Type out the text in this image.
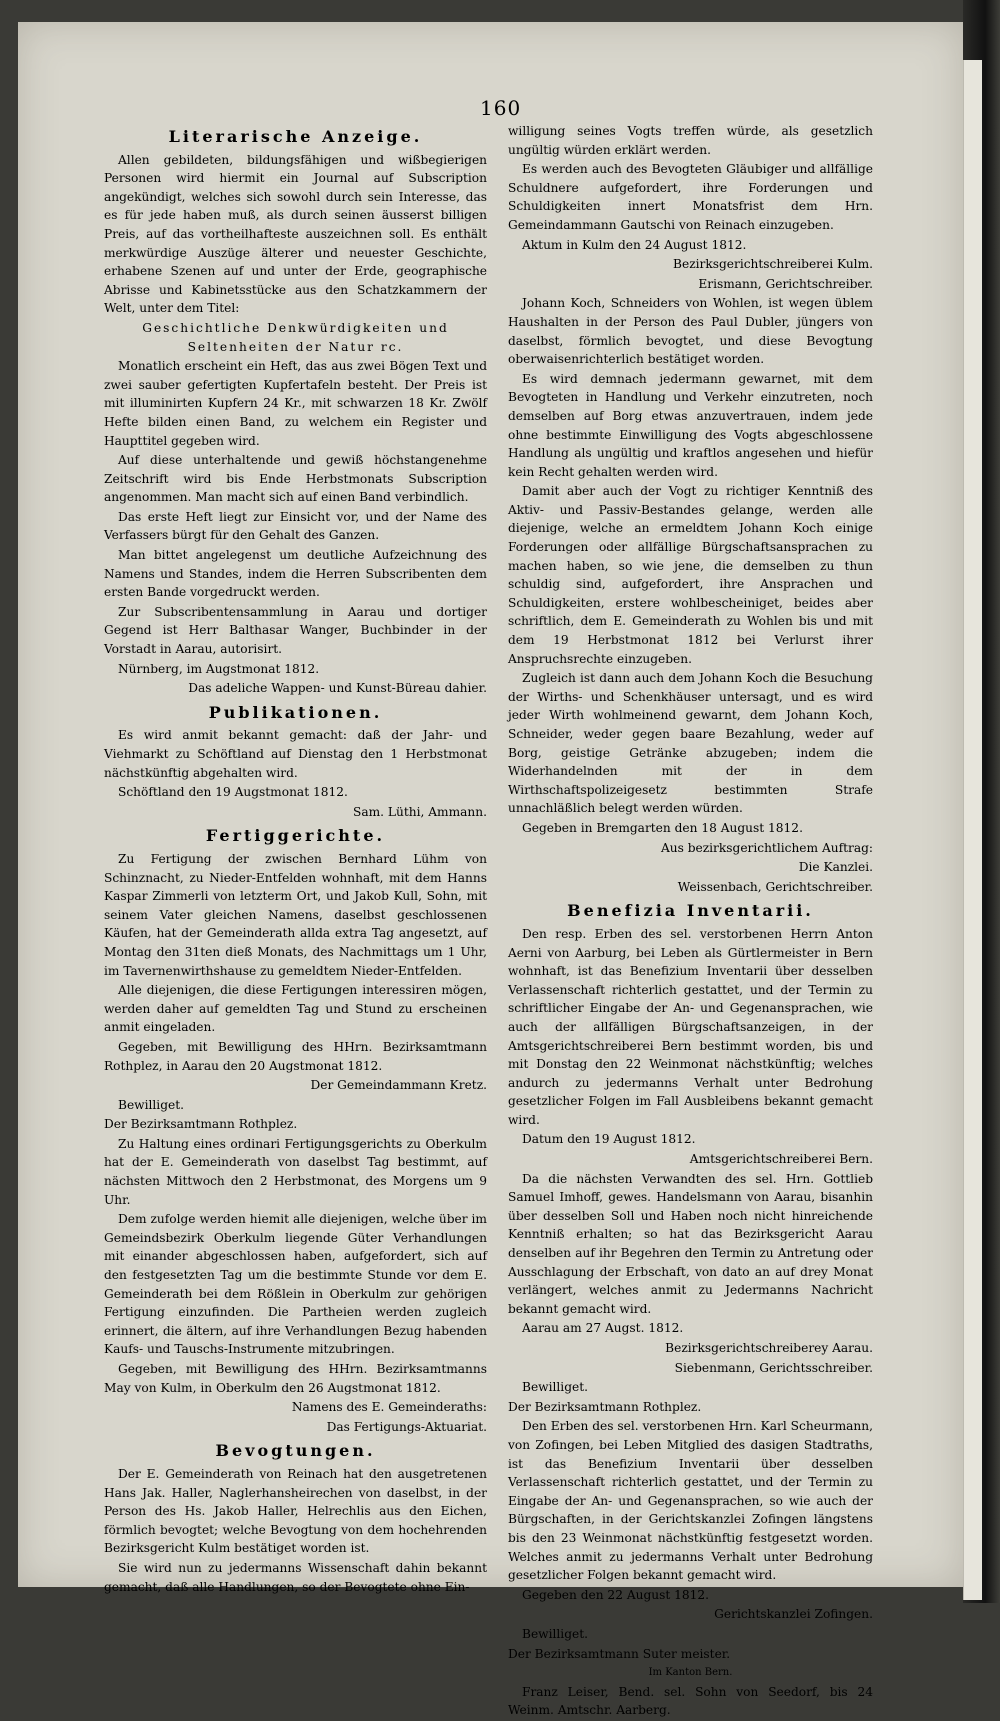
160
Literarische Anzeige.
Allen gebildeten, bildungsfähigen und wißbegierigen Personen wird hiermit ein Journal auf Subscription angekündigt, welches sich sowohl durch sein Interesse, das es für jede haben muß, als durch seinen äusserst billigen Preis, auf das vortheilhafteste auszeichnen soll. Es enthält merkwürdige Auszüge älterer und neuester Geschichte, erhabene Szenen auf und unter der Erde, geographische Abrisse und Kabinetsstücke aus den Schatzkammern der Welt, unter dem Titel:
Geschichtliche Denkwürdigkeiten und Seltenheiten der Natur rc.
Monatlich erscheint ein Heft, das aus zwei Bögen Text und zwei sauber gefertigten Kupfertafeln besteht. Der Preis ist mit illuminirten Kupfern 24 Kr., mit schwarzen 18 Kr. Zwölf Hefte bilden einen Band, zu welchem ein Register und Haupttitel gegeben wird.
Auf diese unterhaltende und gewiß höchstangenehme Zeitschrift wird bis Ende Herbstmonats Subscription angenommen. Man macht sich auf einen Band verbindlich.
Das erste Heft liegt zur Einsicht vor, und der Name des Verfassers bürgt für den Gehalt des Ganzen.
Man bittet angelegenst um deutliche Aufzeichnung des Namens und Standes, indem die Herren Subscribenten dem ersten Bande vorgedruckt werden.
Zur Subscribentensammlung in Aarau und dortiger Gegend ist Herr Balthasar Wanger, Buchbinder in der Vorstadt in Aarau, autorisirt.
Nürnberg, im Augstmonat 1812.
Das adeliche Wappen- und Kunst-Büreau dahier.
Publikationen.
Es wird anmit bekannt gemacht: daß der Jahr- und Viehmarkt zu Schöftland auf Dienstag den 1 Herbstmonat nächstkünftig abgehalten wird.
Schöftland den 19 Augstmonat 1812.
Sam. Lüthi, Ammann.
Fertiggerichte.
Zu Fertigung der zwischen Bernhard Lühm von Schinznacht, zu Nieder-Entfelden wohnhaft, mit dem Hanns Kaspar Zimmerli von letzterm Ort, und Jakob Kull, Sohn, mit seinem Vater gleichen Namens, daselbst geschlossenen Käufen, hat der Gemeinderath allda extra Tag angesetzt, auf Montag den 31ten dieß Monats, des Nachmittags um 1 Uhr, im Tavernenwirthshause zu gemeldtem Nieder-Entfelden.
Alle diejenigen, die diese Fertigungen interessiren mögen, werden daher auf gemeldten Tag und Stund zu erscheinen anmit eingeladen.
Gegeben, mit Bewilligung des HHrn. Bezirksamtmann Rothplez, in Aarau den 20 Augstmonat 1812.
Der Gemeindammann Kretz.
Bewilliget.
Der Bezirksamtmann Rothplez.
Zu Haltung eines ordinari Fertigungsgerichts zu Oberkulm hat der E. Gemeinderath von daselbst Tag bestimmt, auf nächsten Mittwoch den 2 Herbstmonat, des Morgens um 9 Uhr.
Dem zufolge werden hiemit alle diejenigen, welche über im Gemeindsbezirk Oberkulm liegende Güter Verhandlungen mit einander abgeschlossen haben, aufgefordert, sich auf den festgesetzten Tag um die bestimmte Stunde vor dem E. Gemeinderath bei dem Rößlein in Oberkulm zur gehörigen Fertigung einzufinden. Die Partheien werden zugleich erinnert, die ältern, auf ihre Verhandlungen Bezug habenden Kaufs- und Tauschs-Instrumente mitzubringen.
Gegeben, mit Bewilligung des HHrn. Bezirksamtmanns May von Kulm, in Oberkulm den 26 Augstmonat 1812.
Namens des E. Gemeinderaths:
Das Fertigungs-Aktuariat.
Bevogtungen.
Der E. Gemeinderath von Reinach hat den ausgetretenen Hans Jak. Haller, Naglerhansheirechen von daselbst, in der Person des Hs. Jakob Haller, Helrechlis aus den Eichen, förmlich bevogtet; welche Bevogtung von dem hochehrenden Bezirksgericht Kulm bestätiget worden ist.
Sie wird nun zu jedermanns Wissenschaft dahin bekannt gemacht, daß alle Handlungen, so der Bevogtete ohne Ein-
willigung seines Vogts treffen würde, als gesetzlich ungültig würden erklärt werden.
Es werden auch des Bevogteten Gläubiger und allfällige Schuldnere aufgefordert, ihre Forderungen und Schuldigkeiten innert Monatsfrist dem Hrn. Gemeindammann Gautschi von Reinach einzugeben.
Aktum in Kulm den 24 August 1812.
Bezirksgerichtschreiberei Kulm.
Erismann, Gerichtschreiber.
Johann Koch, Schneiders von Wohlen, ist wegen üblem Haushalten in der Person des Paul Dubler, jüngers von daselbst, förmlich bevogtet, und diese Bevogtung oberwaisenrichterlich bestätiget worden.
Es wird demnach jedermann gewarnet, mit dem Bevogteten in Handlung und Verkehr einzutreten, noch demselben auf Borg etwas anzuvertrauen, indem jede ohne bestimmte Einwilligung des Vogts abgeschlossene Handlung als ungültig und kraftlos angesehen und hiefür kein Recht gehalten werden wird.
Damit aber auch der Vogt zu richtiger Kenntniß des Aktiv- und Passiv-Bestandes gelange, werden alle diejenige, welche an ermeldtem Johann Koch einige Forderungen oder allfällige Bürgschaftsansprachen zu machen haben, so wie jene, die demselben zu thun schuldig sind, aufgefordert, ihre Ansprachen und Schuldigkeiten, erstere wohlbescheiniget, beides aber schriftlich, dem E. Gemeinderath zu Wohlen bis und mit dem 19 Herbstmonat 1812 bei Verlurst ihrer Anspruchsrechte einzugeben.
Zugleich ist dann auch dem Johann Koch die Besuchung der Wirths- und Schenkhäuser untersagt, und es wird jeder Wirth wohlmeinend gewarnt, dem Johann Koch, Schneider, weder gegen baare Bezahlung, weder auf Borg, geistige Getränke abzugeben; indem die Widerhandelnden mit der in dem Wirthschaftspolizeigesetz bestimmten Strafe unnachläßlich belegt werden würden.
Gegeben in Bremgarten den 18 August 1812.
Aus bezirksgerichtlichem Auftrag:
Die Kanzlei.
Weissenbach, Gerichtschreiber.
Benefizia Inventarii.
Den resp. Erben des sel. verstorbenen Herrn Anton Aerni von Aarburg, bei Leben als Gürtlermeister in Bern wohnhaft, ist das Benefizium Inventarii über desselben Verlassenschaft richterlich gestattet, und der Termin zu schriftlicher Eingabe der An- und Gegenansprachen, wie auch der allfälligen Bürgschaftsanzeigen, in der Amtsgerichtschreiberei Bern bestimmt worden, bis und mit Donstag den 22 Weinmonat nächstkünftig; welches andurch zu jedermanns Verhalt unter Bedrohung gesetzlicher Folgen im Fall Ausbleibens bekannt gemacht wird.
Datum den 19 August 1812.
Amtsgerichtschreiberei Bern.
Da die nächsten Verwandten des sel. Hrn. Gottlieb Samuel Imhoff, gewes. Handelsmann von Aarau, bisanhin über desselben Soll und Haben noch nicht hinreichende Kenntniß erhalten; so hat das Bezirksgericht Aarau denselben auf ihr Begehren den Termin zu Antretung oder Ausschlagung der Erbschaft, von dato an auf drey Monat verlängert, welches anmit zu Jedermanns Nachricht bekannt gemacht wird.
Aarau am 27 Augst. 1812.
Bezirksgerichtschreiberey Aarau.
Siebenmann, Gerichtsschreiber.
Bewilliget.
Der Bezirksamtmann Rothplez.
Den Erben des sel. verstorbenen Hrn. Karl Scheurmann, von Zofingen, bei Leben Mitglied des dasigen Stadtraths, ist das Benefizium Inventarii über desselben Verlassenschaft richterlich gestattet, und der Termin zu Eingabe der An- und Gegenansprachen, so wie auch der Bürgschaften, in der Gerichtskanzlei Zofingen längstens bis den 23 Weinmonat nächstkünftig festgesetzt worden. Welches anmit zu jedermanns Verhalt unter Bedrohung gesetzlicher Folgen bekannt gemacht wird.
Gegeben den 22 August 1812.
Gerichtskanzlei Zofingen.
Bewilliget.
Der Bezirksamtmann Suter meister.
Im Kanton Bern.
Franz Leiser, Bend. sel. Sohn von Seedorf, bis 24 Weinm. Amtschr. Aarberg.
